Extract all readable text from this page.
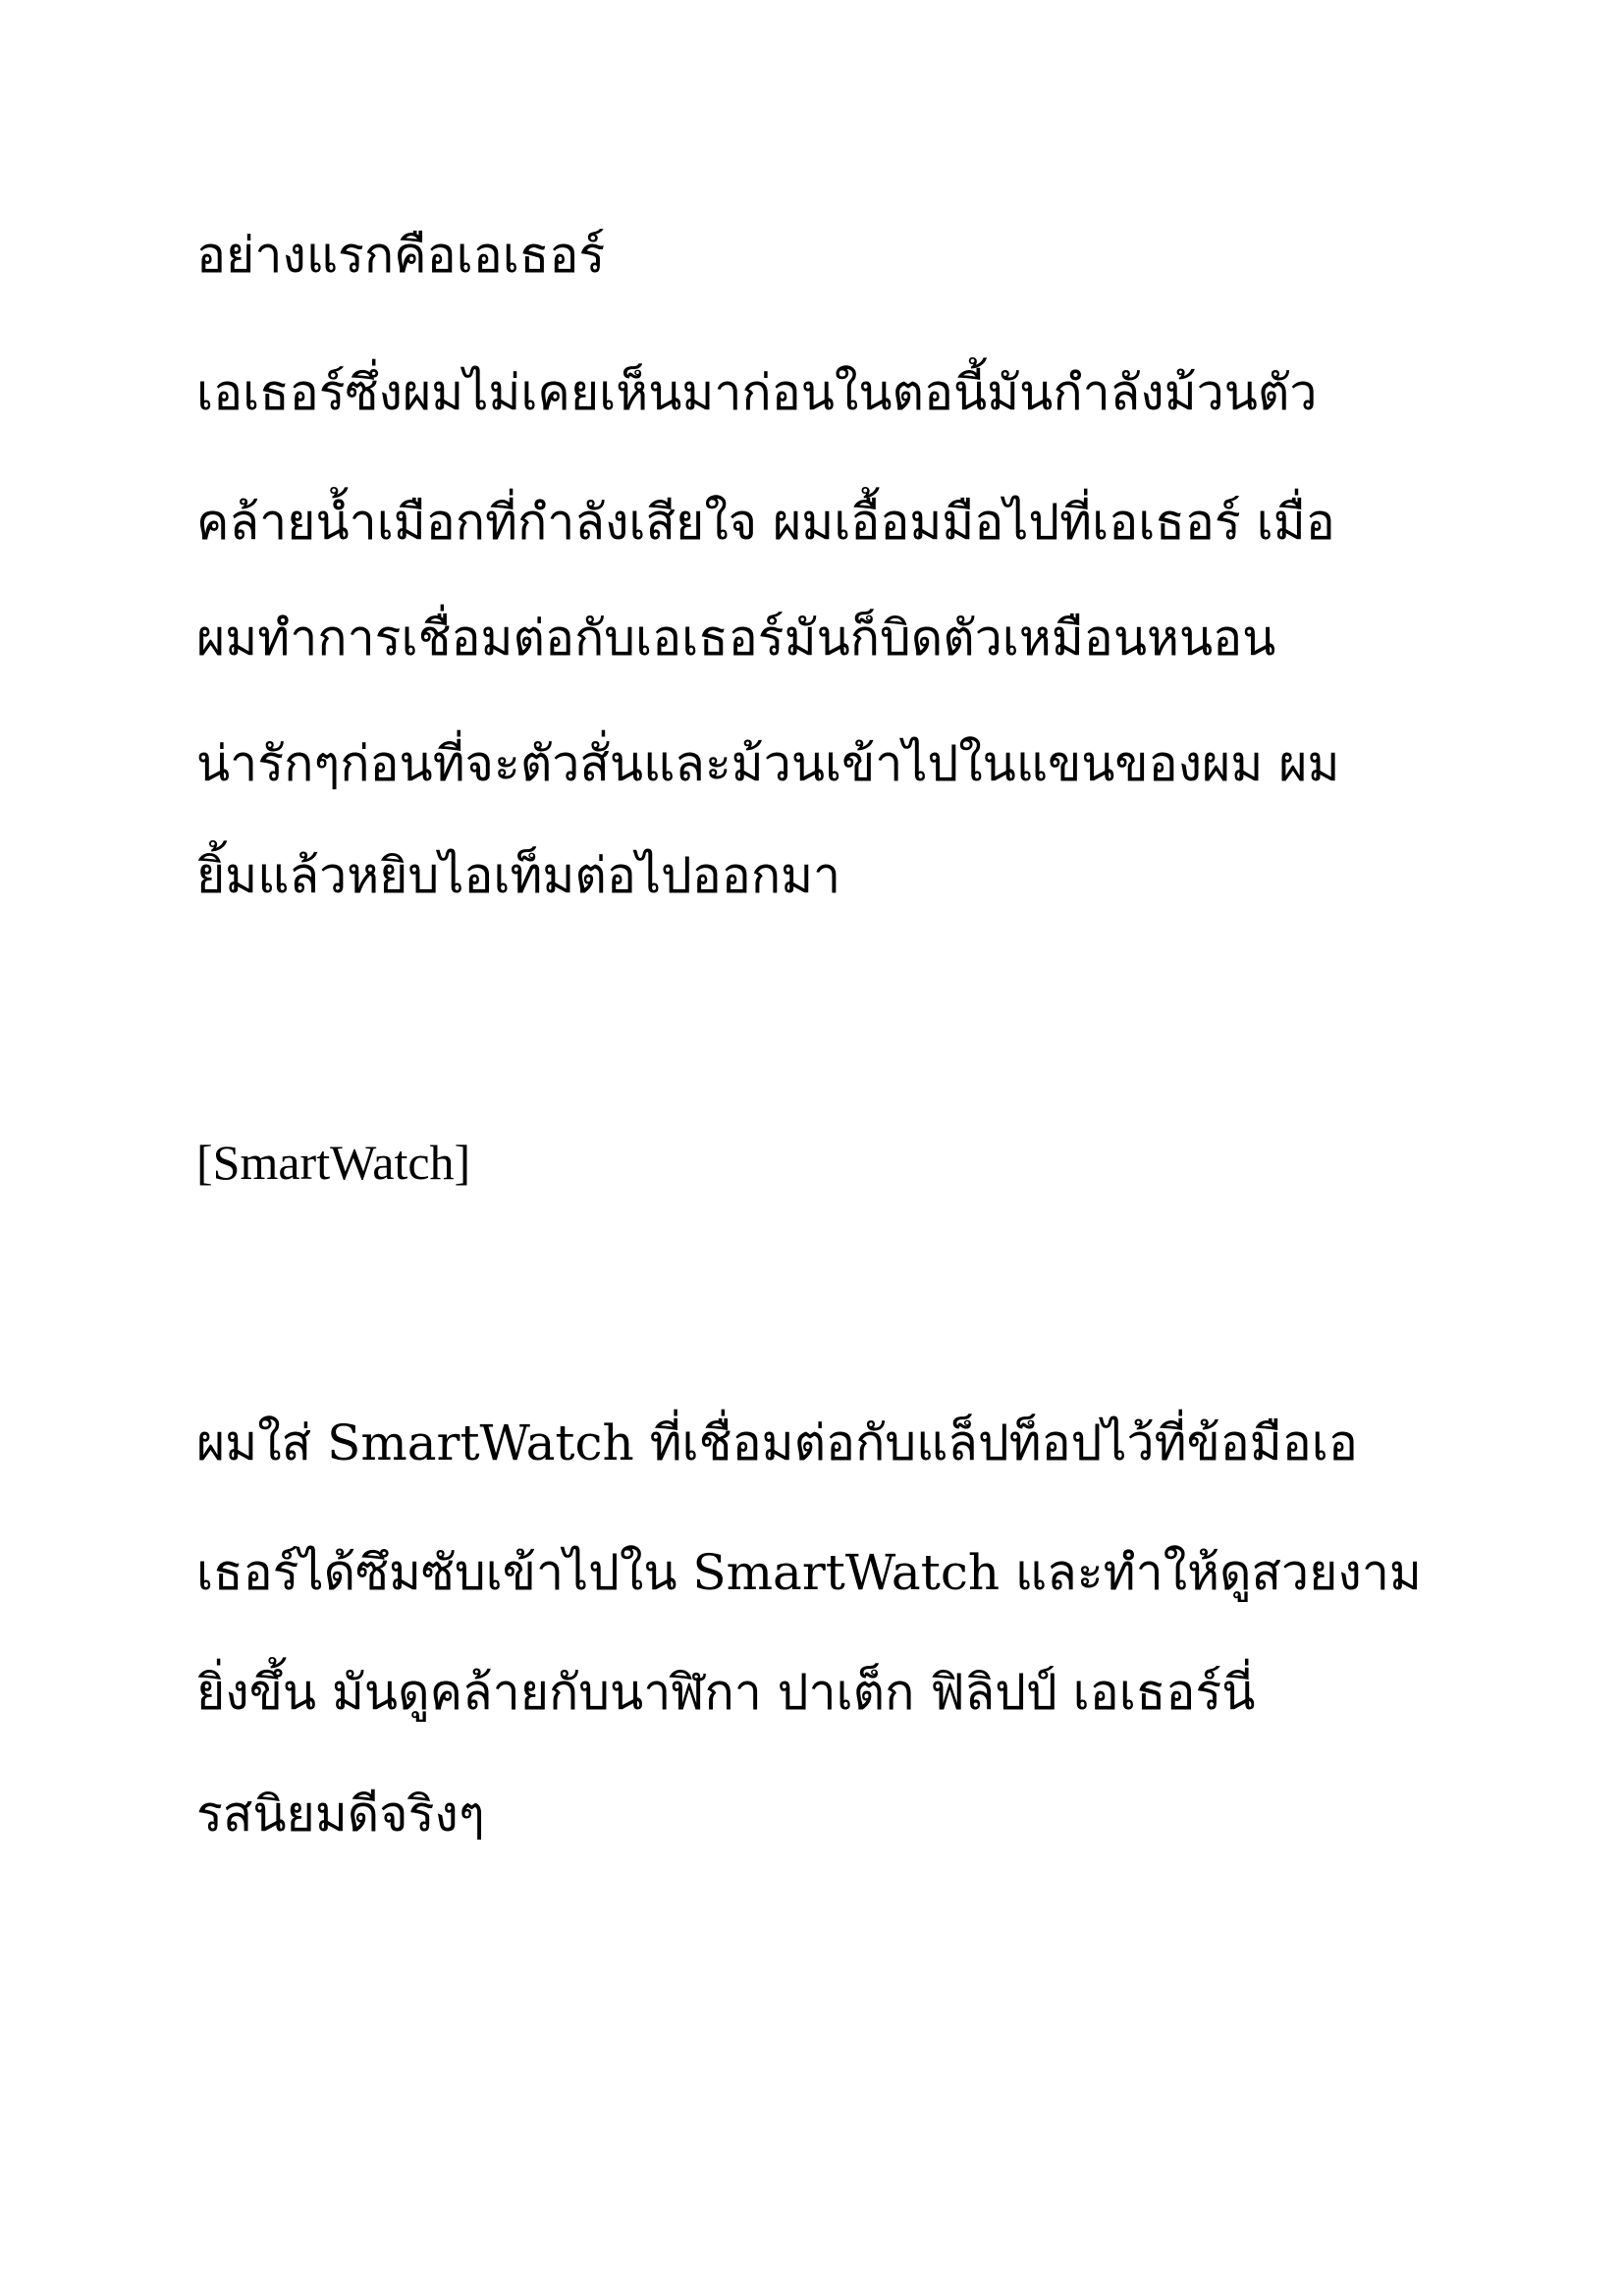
อย่างแรกคือเอเธอร์

เอเธอร์ซึ่งผมไม่เคยเห็นมาก่อนในตอนี้มันกำลังม้วนตัว

คล้ายน้ำเมือกที่กำลังเสียใจ ผมเอื้อมมือไปที่เอเธอร์ เมื่อ

ผมทำการเชื่อมต่อกับเอเธอร์มันก็บิดตัวเหมือนหนอน

น่ารักๆก่อนที่จะตัวสั่นและม้วนเข้าไปในแขนของผม ผม

ยิ้มแล้วหยิบไอเท็มต่อไปออกมา

[SmartWatch]

ผมใส่ SmartWatch ที่เชื่อมต่อกับแล็ปท็อปไว้ที่ข้อมือเอ

เธอร์ได้ซึมซับเข้าไปใน SmartWatch และทำให้ดูสวยงาม

ยิ่งขึ้น มันดูคล้ายกับนาฬิกา ปาเต็ก ฟิลิปป์ เอเธอร์นี่

รสนิยมดีจริงๆ
